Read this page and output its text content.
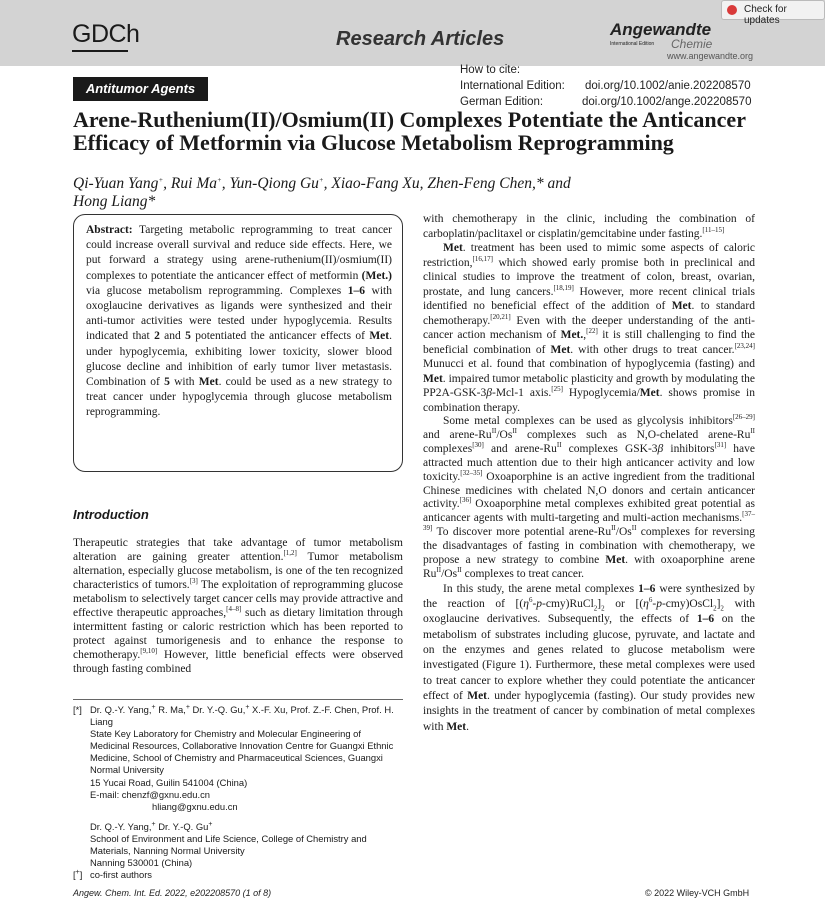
GDCh	Research Articles	Angewandte
International Edition Chemie
www.angewandte.org
Check for updates
Antitumor Agents
How to cite:
International Edition: doi.org/10.1002/anie.202208570
German Edition:	doi.org/10.1002/ange.202208570
Arene-Ruthenium(II)/Osmium(II) Complexes Potentiate the Anticancer Efficacy of Metformin via Glucose Metabolism Reprogramming
Qi-Yuan Yang+, Rui Ma+, Yun-Qiong Gu+, Xiao-Fang Xu, Zhen-Feng Chen,* and
Hong Liang*
Abstract: Targeting metabolic reprogramming to treat cancer could increase overall survival and reduce side effects. Here, we put forward a strategy using arene-ruthenium(II)/osmium(II) complexes to potentiate the anticancer effect of metformin (Met.) via glucose metabolism reprogramming. Complexes 1–6 with oxoglaucine derivatives as ligands were synthesized and their anti-tumor activities were tested under hypoglycemia. Results indicated that 2 and 5 potentiated the anticancer effects of Met. under hypoglycemia, exhibiting lower toxicity, slower blood glucose decline and inhibition of early tumor liver metastasis. Combination of 5 with Met. could be used as a new strategy to treat cancer under hypoglycemia through glucose metabolism reprogramming.
Introduction

Therapeutic strategies that take advantage of tumor metabolism alteration are gaining greater attention.[1,2] Tumor metabolism alternation, especially glucose metabolism, is one of the ten recognized characteristics of tumors.[3] The exploitation of reprogramming glucose metabolism to selectively target cancer cells may provide attractive and effective therapeutic approaches,[4–8] such as dietary limitation through intermittent fasting or caloric restriction which has been reported to protect against tumorigenesis and to enhance the response to chemotherapy.[9,10] However, little beneficial effects were observed through fasting combined

with chemotherapy in the clinic, including the combination of carboplatin/paclitaxel or cisplatin/gemcitabine under fasting.[11–15]

Met. treatment has been used to mimic some aspects of caloric restriction,[16,17] which showed early promise both in preclinical and clinical studies to improve the treatment of colon, breast, ovarian, prostate, and lung cancers.[18,19] However, more recent clinical trials identified no beneficial effect of the addition of Met. to standard chemotherapy.[20,21] Even with the deeper understanding of the anti-cancer action mechanism of Met.,[22] it is still challenging to find the beneficial combination of Met. with other drugs to treat cancer.[23,24] Munucci et al. found that combination of hypoglycemia (fasting) and Met. impaired tumor metabolic plasticity and growth by modulating the PP2A-GSK-3β-Mcl-1 axis.[25] Hypoglycemia/Met. shows promise in combination therapy.

Some metal complexes can be used as glycolysis inhibitors[26–29] and arene-$Ru^{II}/Os^{II}$ complexes such as N,O-chelated arene-$Ru^{II}$ complexes[30] and arene-$Ru^{II}$ complexes GSK-3β inhibitors[31] have attracted much attention due to their high anticancer activity and low toxicity.[32–35] Oxoaporphine is an active ingredient from the traditional Chinese medicines with chelated N,O donors and certain anticancer activity.[36] Oxoaporphine metal complexes exhibited great potential as anticancer agents with multi-targeting and multi-action mechanisms.[37–39] To discover more potential arene-$Ru^{II}/Os^{II}$ complexes for reversing the disadvantages of fasting in combination with chemotherapy, we propose a new strategy to combine Met. with oxoaporphine arene $Ru^{II}/Os^{II}$ complexes to treat cancer.

In this study, the arene metal complexes 1–6 were synthesized by the reaction of $[(\eta^6-p-cmy)RuCl_2]_2$ or $[(\eta^6-p-cmy)OsCl_2]_2$ with oxoglaucine derivatives. Subsequently, the effects of 1–6 on the metabolism of substrates including glucose, pyruvate, and lactate and on the enzymes and genes related to glucose metabolism were investigated (Figure 1). Furthermore, these metal complexes were used to treat cancer to explore whether they could potentiate the anticancer effect of Met. under hypoglycemia (fasting). Our study provides new insights in the treatment of cancer by combination of metal complexes with Met.

[*] Dr. Q.-Y. Yang,+ R. Ma,+ Dr. Y.-Q. Gu,+ X.-F. Xu, Prof. Z.-F. Chen, Prof. H. Liang
State Key Laboratory for Chemistry and Molecular Engineering of Medicinal Resources, Collaborative Innovation Centre for Guangxi Ethnic Medicine, School of Chemistry and Pharmaceutical Sciences, Guangxi Normal University
15 Yucai Road, Guilin 541004 (China)
E-mail: chenzf@gxnu.edu.cn
hliang@gxnu.edu.cn
Dr. Q.-Y. Yang,+ Dr. Y.-Q. Gu+
School of Environment and Life Science, College of Chemistry and Materials, Nanning Normal University
Nanning 530001 (China)
[+] co-first authors
Angew. Chem. Int. Ed. 2022, e202208570 (1 of 8)	© 2022 Wiley-VCH GmbH
